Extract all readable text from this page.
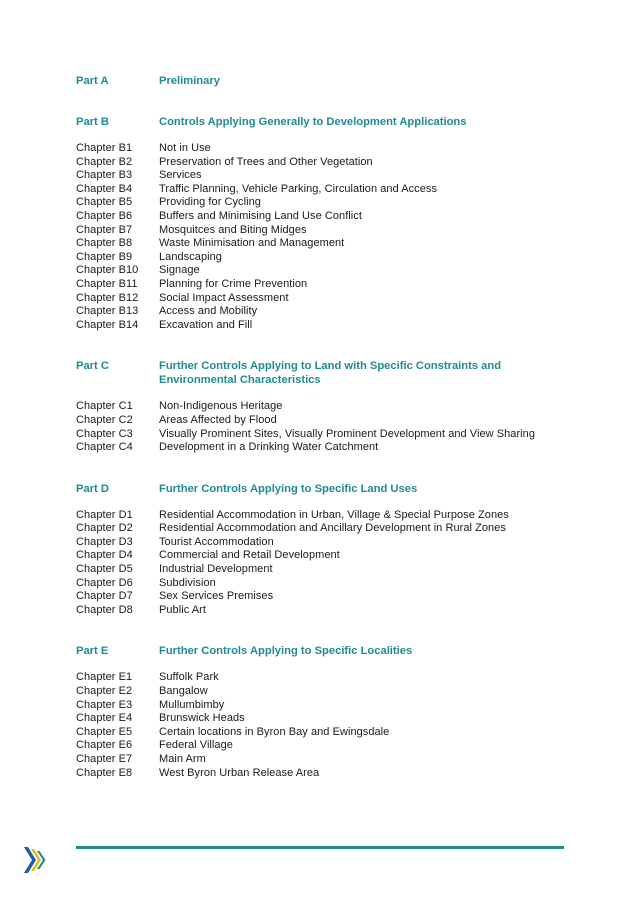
Part A	Preliminary
Part B	Controls Applying Generally to Development Applications
Chapter B1	Not in Use
Chapter B2	Preservation of Trees and Other Vegetation
Chapter B3	Services
Chapter B4	Traffic Planning, Vehicle Parking, Circulation and Access
Chapter B5	Providing for Cycling
Chapter B6	Buffers and Minimising Land Use Conflict
Chapter B7	Mosquitces and Biting Midges
Chapter B8	Waste Minimisation and Management
Chapter B9	Landscaping
Chapter B10	Signage
Chapter B11	Planning for Crime Prevention
Chapter B12	Social Impact Assessment
Chapter B13	Access and Mobility
Chapter B14	Excavation and Fill
Part C	Further Controls Applying to Land with Specific Constraints and
Environmental Characteristics
Chapter C1	Non-Indigenous Heritage
Chapter C2	Areas Affected by Flood
Chapter C3	Visually Prominent Sites, Visually Prominent Development and View Sharing
Chapter C4	Development in a Drinking Water Catchment
Part D	Further Controls Applying to Specific Land Uses
Chapter D1	Residential Accommodation in Urban, Village & Special Purpose Zones
Chapter D2	Residential Accommodation and Ancillary Development in Rural Zones
Chapter D3	Tourist Accommodation
Chapter D4	Commercial and Retail Development
Chapter D5	Industrial Development
Chapter D6	Subdivision
Chapter D7	Sex Services Premises
Chapter D8	Public Art
Part E	Further Controls Applying to Specific Localities
Chapter E1	Suffolk Park
Chapter E2	Bangalow
Chapter E3	Mullumbimby
Chapter E4	Brunswick Heads
Chapter E5	Certain locations in Byron Bay and Ewingsdale
Chapter E6	Federal Village
Chapter E7	Main Arm
Chapter E8	West Byron Urban Release Area
